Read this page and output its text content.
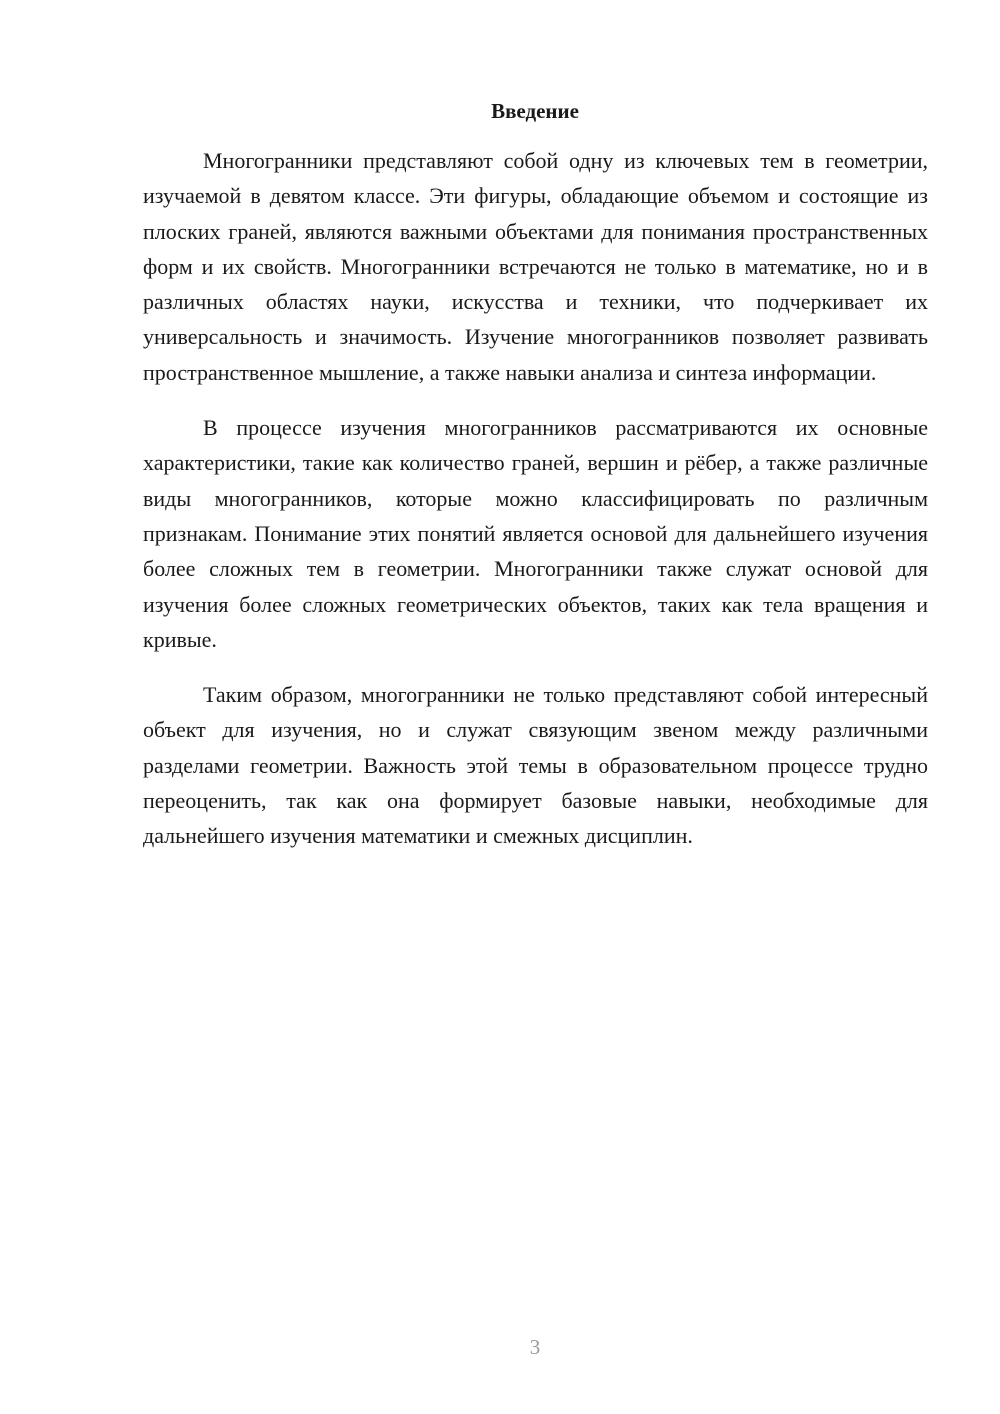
Введение

Многогранники представляют собой одну из ключевых тем в геометрии, изучаемой в девятом классе. Эти фигуры, обладающие объемом и состоящие из плоских граней, являются важными объектами для понимания пространственных форм и их свойств. Многогранники встречаются не только в математике, но и в различных областях науки, искусства и техники, что подчеркивает их универсальность и значимость. Изучение многогранников позволяет развивать пространственное мышление, а также навыки анализа и синтеза информации.

В процессе изучения многогранников рассматриваются их основные характеристики, такие как количество граней, вершин и рёбер, а также различные виды многогранников, которые можно классифицировать по различным признакам. Понимание этих понятий является основой для дальнейшего изучения более сложных тем в геометрии. Многогранники также служат основой для изучения более сложных геометрических объектов, таких как тела вращения и кривые.

Таким образом, многогранники не только представляют собой интересный объект для изучения, но и служат связующим звеном между различными разделами геометрии. Важность этой темы в образовательном процессе трудно переоценить, так как она формирует базовые навыки, необходимые для дальнейшего изучения математики и смежных дисциплин.

3
